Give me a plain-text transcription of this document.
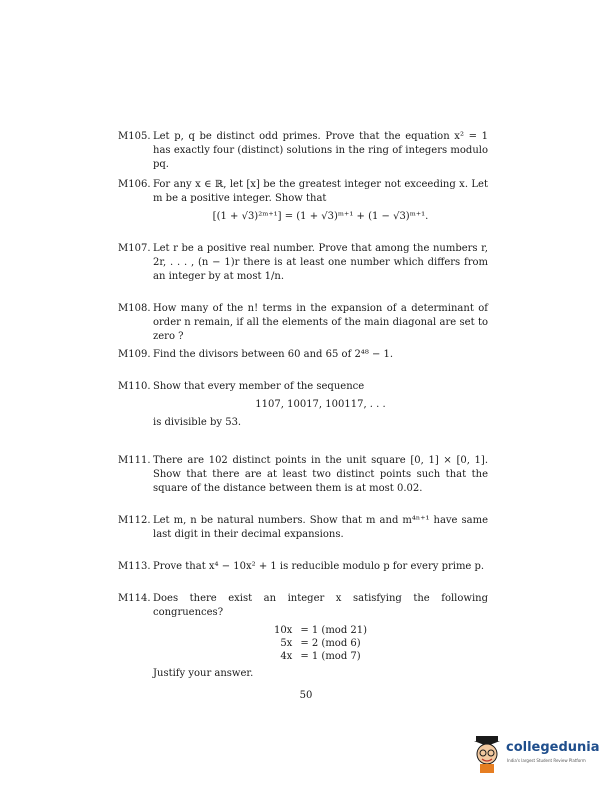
M105. Let p, q be distinct odd primes. Prove that the equation x² = 1 has exactly four (distinct) solutions in the ring of integers modulo pq.
M106. For any x ∈ ℝ, let [x] be the greatest integer not exceeding x. Let m be a positive integer. Show that
[(1 + √3)²ᵐ⁺¹] = (1 + √3)ᵐ⁺¹ + (1 − √3)ᵐ⁺¹.
M107. Let r be a positive real number. Prove that among the numbers r, 2r, . . . , (n − 1)r there is at least one number which differs from an integer by at most 1/n.
M108. How many of the n! terms in the expansion of a determinant of order n remain, if all the elements of the main diagonal are set to zero ?
M109. Find the divisors between 60 and 65 of 2⁴⁸ − 1.
M110. Show that every member of the sequence
1107, 10017, 100117, . . .
is divisible by 53.
M111. There are 102 distinct points in the unit square [0, 1] × [0, 1]. Show that there are at least two distinct points such that the square of the distance between them is at most 0.02.
M112. Let m, n be natural numbers. Show that m and m⁴ⁿ⁺¹ have same last digit in their decimal expansions.
M113. Prove that x⁴ − 10x² + 1 is reducible modulo p for every prime p.
M114. Does there exist an integer x satisfying the following congruences?
10x	= 1 (mod 21)
5x	= 2 (mod 6)
4x	= 1 (mod 7)
Justify your answer.
50
collegedunia
India's largest Student Review Platform
